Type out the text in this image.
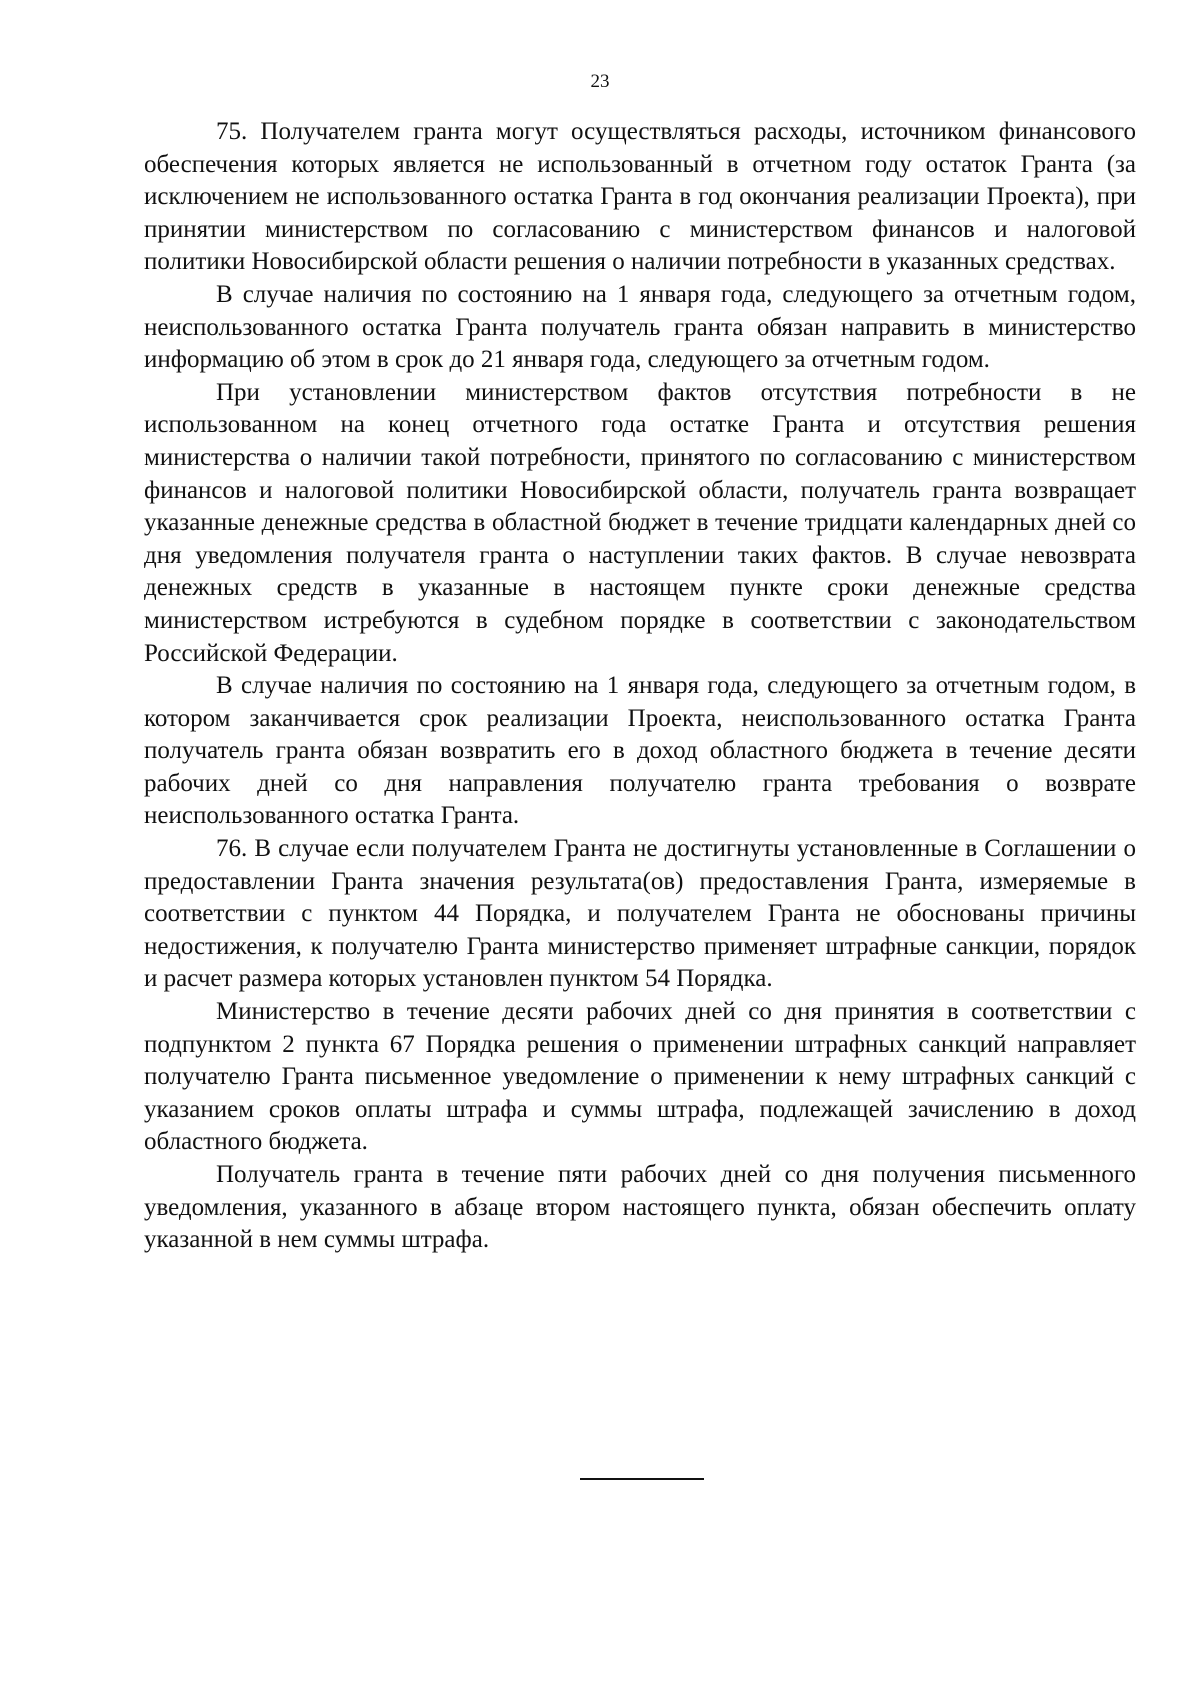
23

75. Получателем гранта могут осуществляться расходы, источником финансового обеспечения которых является не использованный в отчетном году остаток Гранта (за исключением не использованного остатка Гранта в год окончания реализации Проекта), при принятии министерством по согласованию с министерством финансов и налоговой политики Новосибирской области решения о наличии потребности в указанных средствах.

В случае наличия по состоянию на 1 января года, следующего за отчетным годом, неиспользованного остатка Гранта получатель гранта обязан направить в министерство информацию об этом в срок до 21 января года, следующего за отчетным годом.

При установлении министерством фактов отсутствия потребности в не использованном на конец отчетного года остатке Гранта и отсутствия решения министерства о наличии такой потребности, принятого по согласованию с министерством финансов и налоговой политики Новосибирской области, получатель гранта возвращает указанные денежные средства в областной бюджет в течение тридцати календарных дней со дня уведомления получателя гранта о наступлении таких фактов. В случае невозврата денежных средств в указанные в настоящем пункте сроки денежные средства министерством истребуются в судебном порядке в соответствии с законодательством Российской Федерации.

В случае наличия по состоянию на 1 января года, следующего за отчетным годом, в котором заканчивается срок реализации Проекта, неиспользованного остатка Гранта получатель гранта обязан возвратить его в доход областного бюджета в течение десяти рабочих дней со дня направления получателю гранта требования о возврате неиспользованного остатка Гранта.

76. В случае если получателем Гранта не достигнуты установленные в Соглашении о предоставлении Гранта значения результата(ов) предоставления Гранта, измеряемые в соответствии с пунктом 44 Порядка, и получателем Гранта не обоснованы причины недостижения, к получателю Гранта министерство применяет штрафные санкции, порядок и расчет размера которых установлен пунктом 54 Порядка.

Министерство в течение десяти рабочих дней со дня принятия в соответствии с подпунктом 2 пункта 67 Порядка решения о применении штрафных санкций направляет получателю Гранта письменное уведомление о применении к нему штрафных санкций с указанием сроков оплаты штрафа и суммы штрафа, подлежащей зачислению в доход областного бюджета.

Получатель гранта в течение пяти рабочих дней со дня получения письменного уведомления, указанного в абзаце втором настоящего пункта, обязан обеспечить оплату указанной в нем суммы штрафа.
